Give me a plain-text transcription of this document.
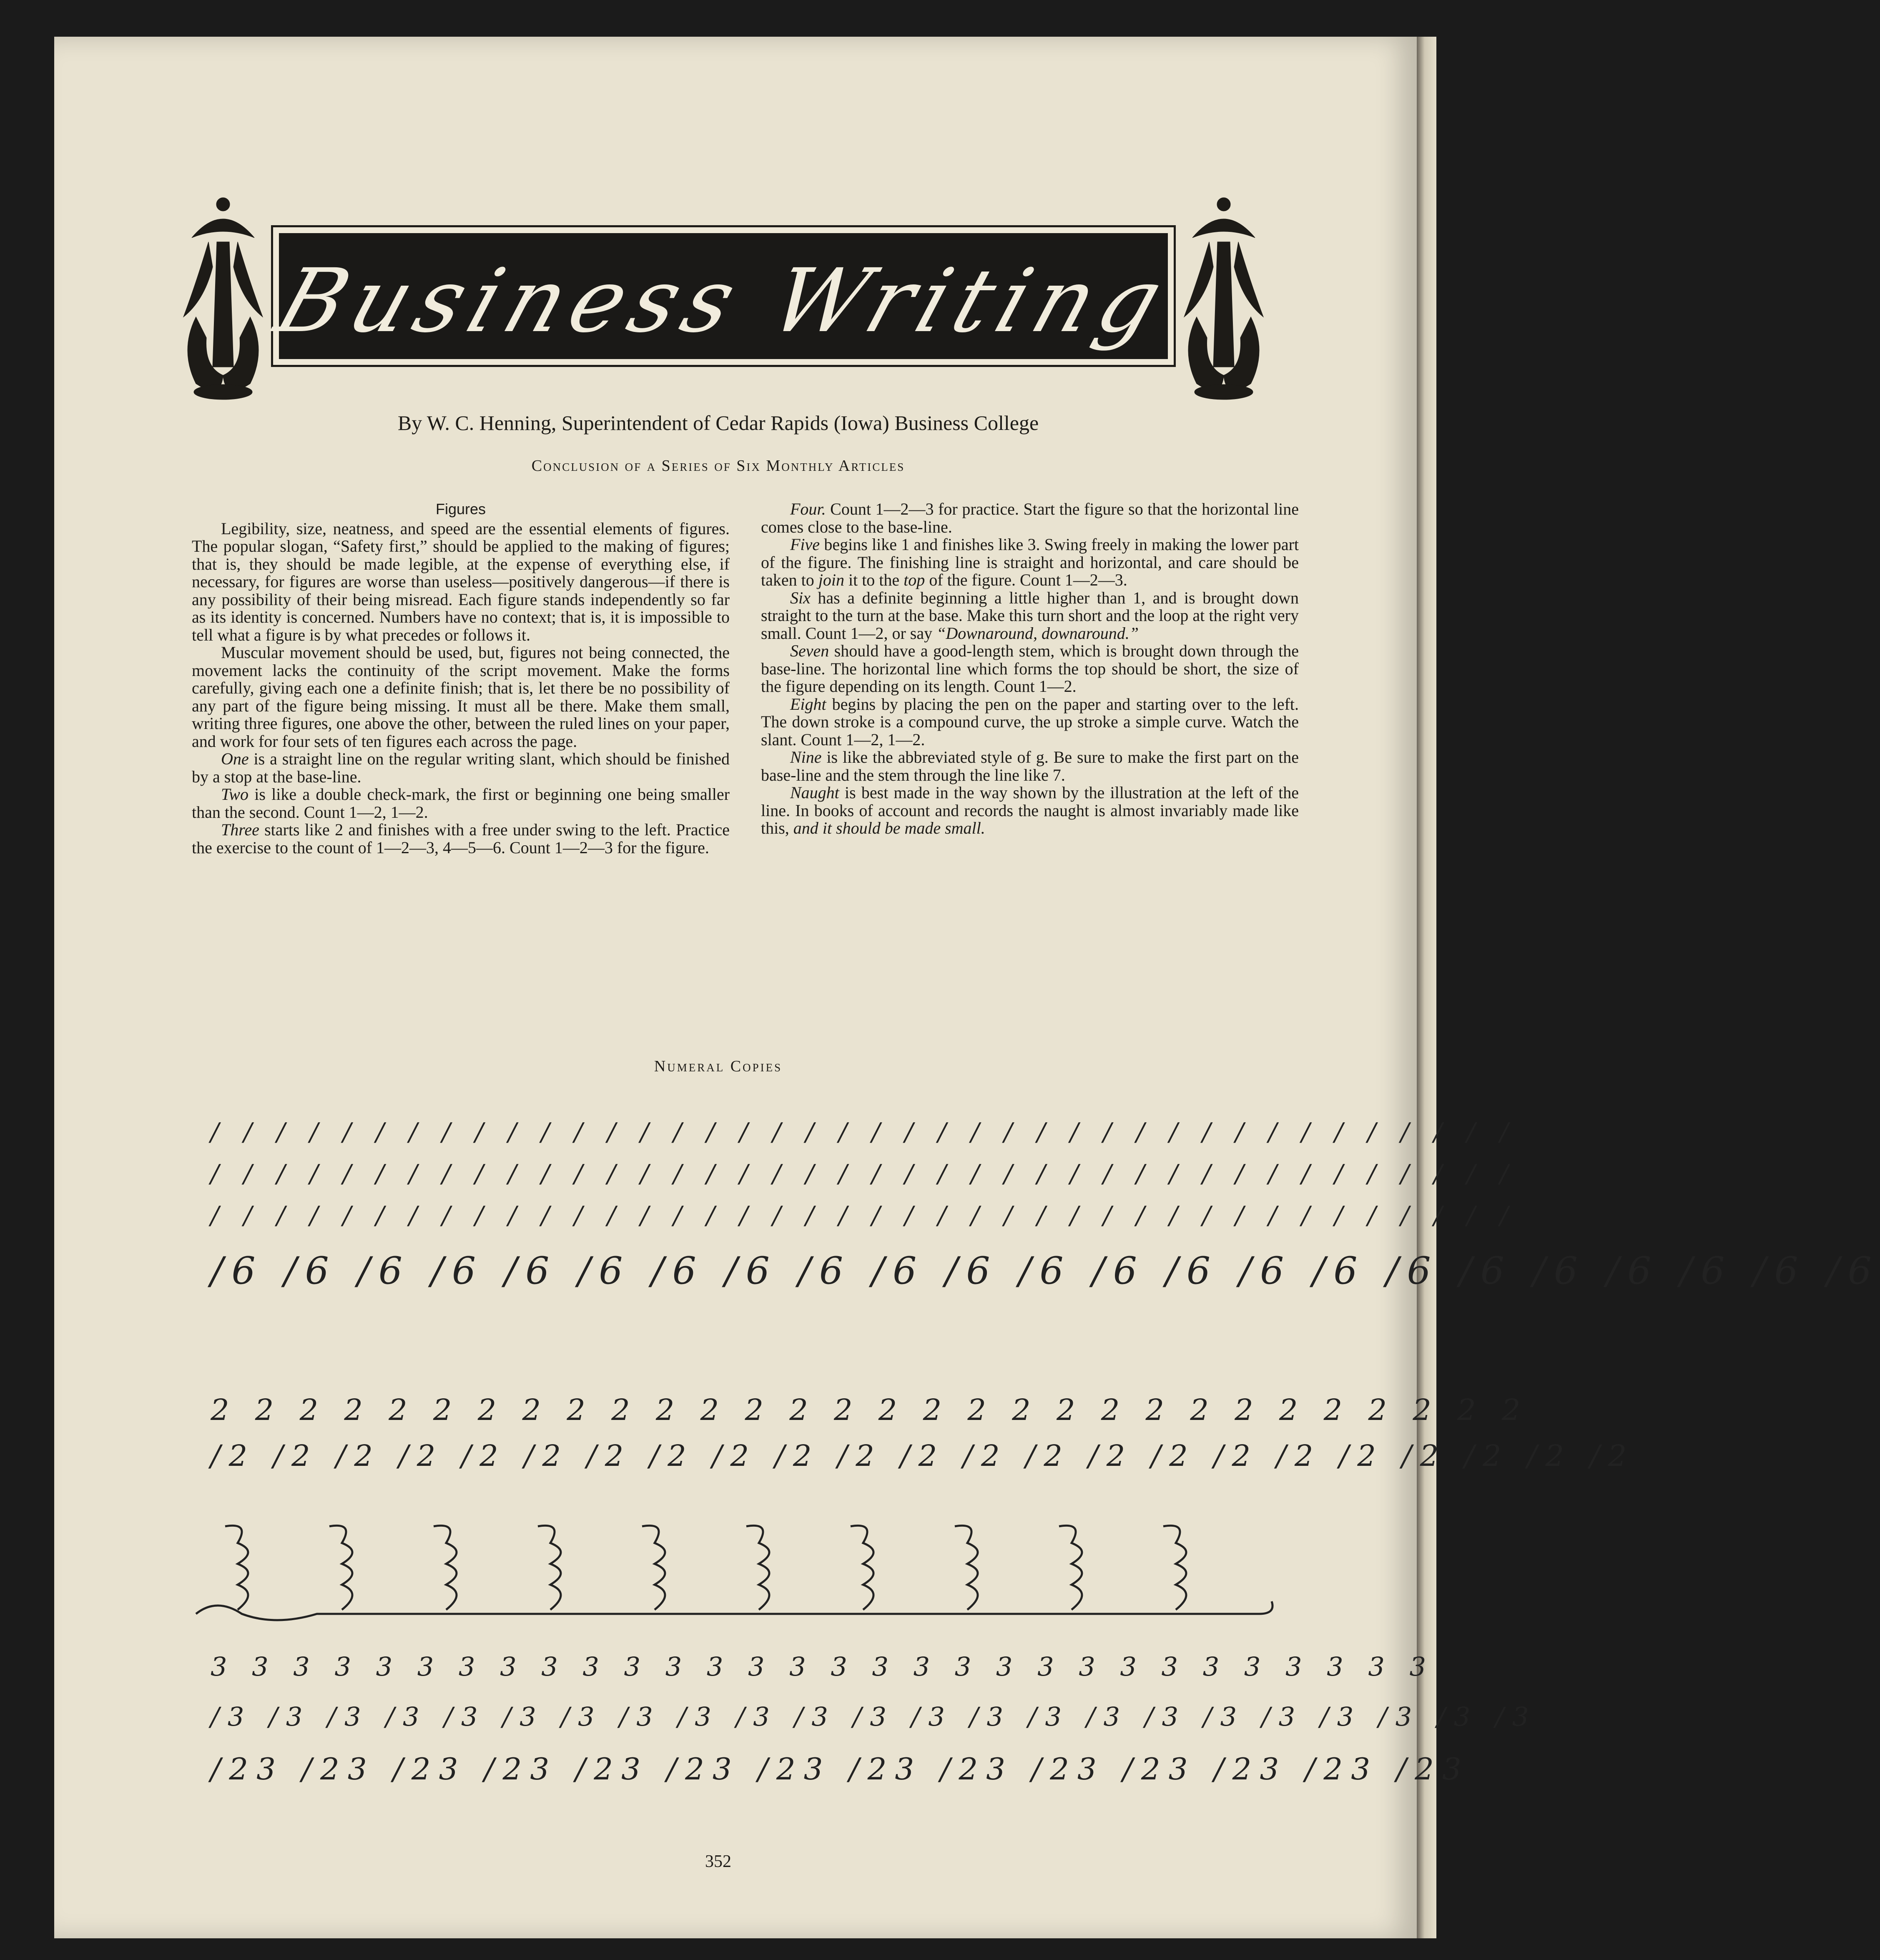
Business Writing
By W. C. Henning, Superintendent of Cedar Rapids (Iowa) Business College
Conclusion of a Series of Six Monthly Articles
Figures

Legibility, size, neatness, and speed are the essential elements of figures. The popular slogan, “Safety first,” should be applied to the making of figures; that is, they should be made legible, at the expense of everything else, if necessary, for figures are worse than useless—positively dangerous—if there is any possibility of their being misread. Each figure stands independently so far as its identity is concerned. Numbers have no context; that is, it is impossible to tell what a figure is by what precedes or follows it.

Muscular movement should be used, but, figures not being connected, the movement lacks the continuity of the script movement. Make the forms carefully, giving each one a definite finish; that is, let there be no possibility of any part of the figure being missing. It must all be there. Make them small, writing three figures, one above the other, between the ruled lines on your paper, and work for four sets of ten figures each across the page.

One is a straight line on the regular writing slant, which should be finished by a stop at the base-line.

Two is like a double check-mark, the first or beginning one being smaller than the second. Count 1—2, 1—2.

Three starts like 2 and finishes with a free under swing to the left. Practice the exercise to the count of 1—2—3, 4—5—6. Count 1—2—3 for the figure.

Four. Count 1—2—3 for practice. Start the figure so that the horizontal line comes close to the base-line.

Five begins like 1 and finishes like 3. Swing freely in making the lower part of the figure. The finishing line is straight and horizontal, and care should be taken to join it to the top of the figure. Count 1—2—3.

Six has a definite beginning a little higher than 1, and is brought down straight to the turn at the base. Make this turn short and the loop at the right very small. Count 1—2, or say “Downaround, downaround.”

Seven should have a good-length stem, which is brought down through the base-line. The horizontal line which forms the top should be short, the size of the figure depending on its length. Count 1—2.

Eight begins by placing the pen on the paper and starting over to the left. The down stroke is a compound curve, the up stroke a simple curve. Watch the slant. Count 1—2, 1—2.

Nine is like the abbreviated style of g. Be sure to make the first part on the base-line and the stem through the line like 7.

Naught is best made in the way shown by the illustration at the left of the line. In books of account and records the naught is almost invariably made like this, and it should be made small.

Numeral Copies
/ / / / / / / / / / / / / / / / / / / / / / / / / / / / / / / / / / / / / / / /
/ / / / / / / / / / / / / / / / / / / / / / / / / / / / / / / / / / / / / / / /
/ / / / / / / / / / / / / / / / / / / / / / / / / / / / / / / / / / / / / / / /
/6 /6 /6 /6 /6 /6 /6 /6 /6 /6 /6 /6 /6 /6 /6 /6 /6 /6 /6 /6 /6 /6 /6
2 2 2 2 2 2 2 2 2 2 2 2 2 2 2 2 2 2 2 2 2 2 2 2 2 2 2 2 2 2
/2 /2 /2 /2 /2 /2 /2 /2 /2 /2 /2 /2 /2 /2 /2 /2 /2 /2 /2 /2 /2 /2 /2
3 3 3 3 3 3 3 3 3 3 3 3 3 3 3 3 3 3 3 3 3 3 3 3 3 3 3 3 3 3
/3 /3 /3 /3 /3 /3 /3 /3 /3 /3 /3 /3 /3 /3 /3 /3 /3 /3 /3 /3 /3 /3 /3
/23 /23 /23 /23 /23 /23 /23 /23 /23 /23 /23 /23 /23 /23
352
